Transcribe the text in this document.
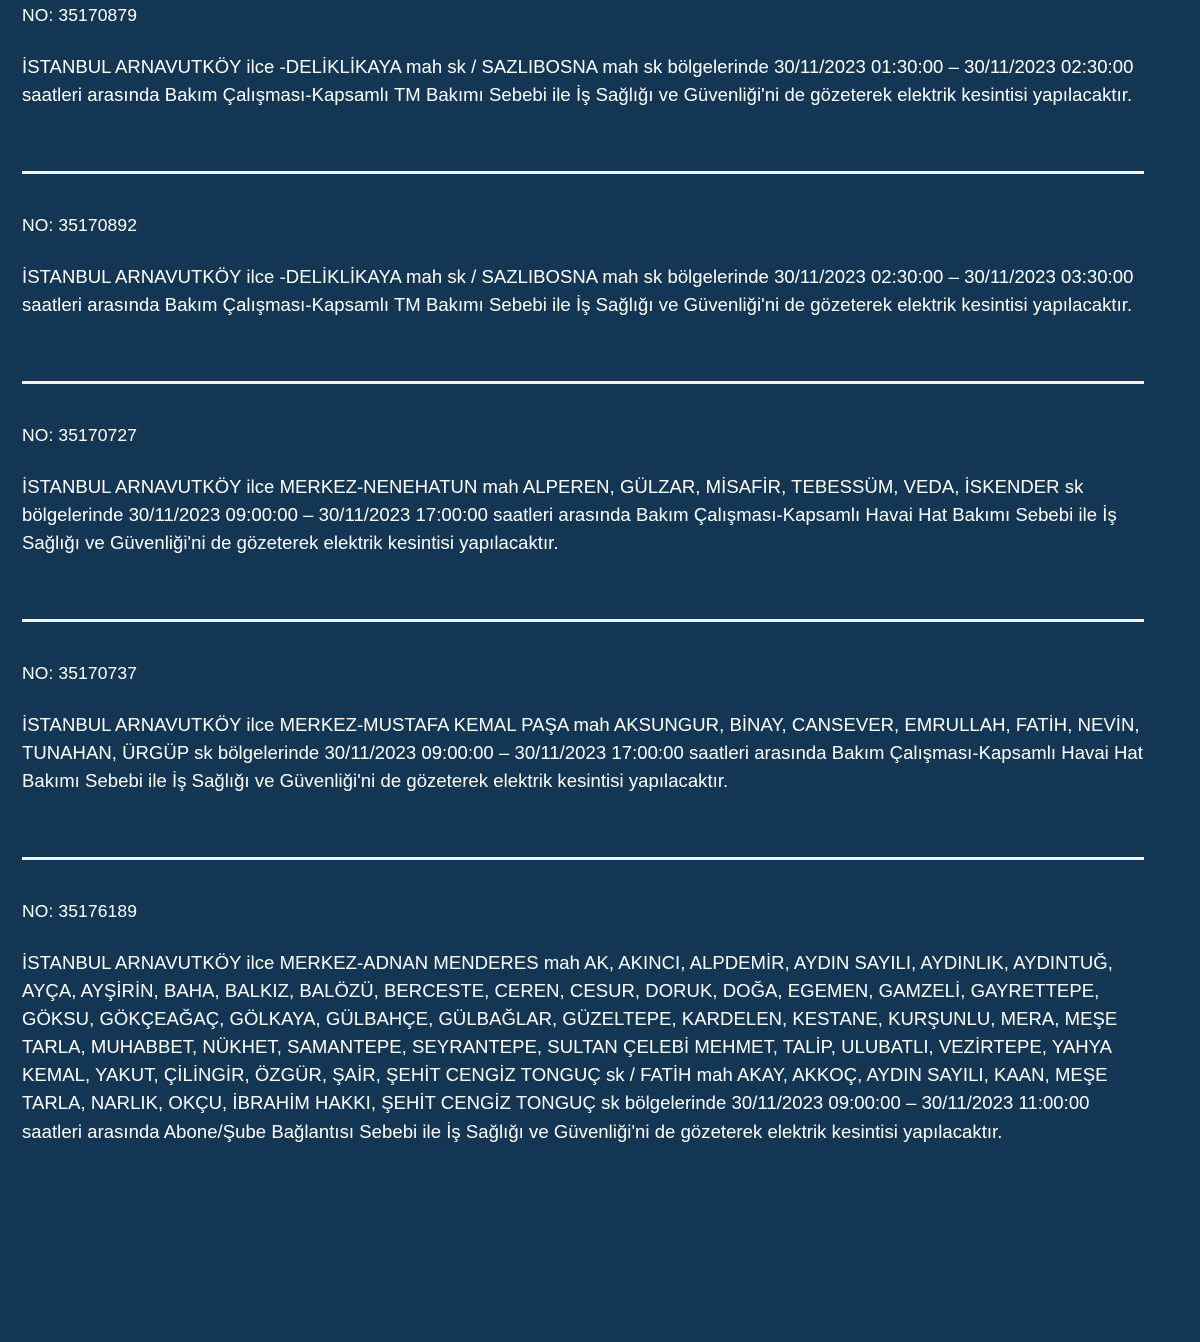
NO: 35170879

İSTANBUL ARNAVUTKÖY ilce -DELİKLİKAYA mah sk / SAZLIBOSNA mah sk bölgelerinde 30/11/2023 01:30:00 – 30/11/2023 02:30:00 saatleri arasında Bakım Çalışması-Kapsamlı TM Bakımı Sebebi ile İş Sağlığı ve Güvenliği'ni de gözeterek elektrik kesintisi yapılacaktır.

NO: 35170892

İSTANBUL ARNAVUTKÖY ilce -DELİKLİKAYA mah sk / SAZLIBOSNA mah sk bölgelerinde 30/11/2023 02:30:00 – 30/11/2023 03:30:00 saatleri arasında Bakım Çalışması-Kapsamlı TM Bakımı Sebebi ile İş Sağlığı ve Güvenliği'ni de gözeterek elektrik kesintisi yapılacaktır.

NO: 35170727

İSTANBUL ARNAVUTKÖY ilce MERKEZ-NENEHATUN mah ALPEREN, GÜLZAR, MİSAFİR, TEBESSÜM, VEDA, İSKENDER sk bölgelerinde 30/11/2023 09:00:00 – 30/11/2023 17:00:00 saatleri arasında Bakım Çalışması-Kapsamlı Havai Hat Bakımı Sebebi ile İş Sağlığı ve Güvenliği'ni de gözeterek elektrik kesintisi yapılacaktır.

NO: 35170737

İSTANBUL ARNAVUTKÖY ilce MERKEZ-MUSTAFA KEMAL PAŞA mah AKSUNGUR, BİNAY, CANSEVER, EMRULLAH, FATİH, NEVİN, TUNAHAN, ÜRGÜP sk bölgelerinde 30/11/2023 09:00:00 – 30/11/2023 17:00:00 saatleri arasında Bakım Çalışması-Kapsamlı Havai Hat Bakımı Sebebi ile İş Sağlığı ve Güvenliği'ni de gözeterek elektrik kesintisi yapılacaktır.

NO: 35176189

İSTANBUL ARNAVUTKÖY ilce MERKEZ-ADNAN MENDERES mah AK, AKINCI, ALPDEMİR, AYDIN SAYILI, AYDINLIK, AYDINTUĞ, AYÇA, AYŞİRİN, BAHA, BALKIZ, BALÖZÜ, BERCESTE, CEREN, CESUR, DORUK, DOĞA, EGEMEN, GAMZELİ, GAYRETTEPE, GÖKSU, GÖKÇEAĞAÇ, GÖLKAYA, GÜLBAHÇE, GÜLBAĞLAR, GÜZELTEPE, KARDELEN, KESTANE, KURŞUNLU, MERA, MEŞE TARLA, MUHABBET, NÜKHET, SAMANTEPE, SEYRANTEPE, SULTAN ÇELEBİ MEHMET, TALİP, ULUBATLI, VEZİRTEPE, YAHYA KEMAL, YAKUT, ÇİLİNGİR, ÖZGÜR, ŞAİR, ŞEHİT CENGİZ TONGUÇ sk / FATİH mah AKAY, AKKOÇ, AYDIN SAYILI, KAAN, MEŞE TARLA, NARLIK, OKÇU, İBRAHİM HAKKI, ŞEHİT CENGİZ TONGUÇ sk bölgelerinde 30/11/2023 09:00:00 – 30/11/2023 11:00:00 saatleri arasında Abone/Şube Bağlantısı Sebebi ile İş Sağlığı ve Güvenliği'ni de gözeterek elektrik kesintisi yapılacaktır.
